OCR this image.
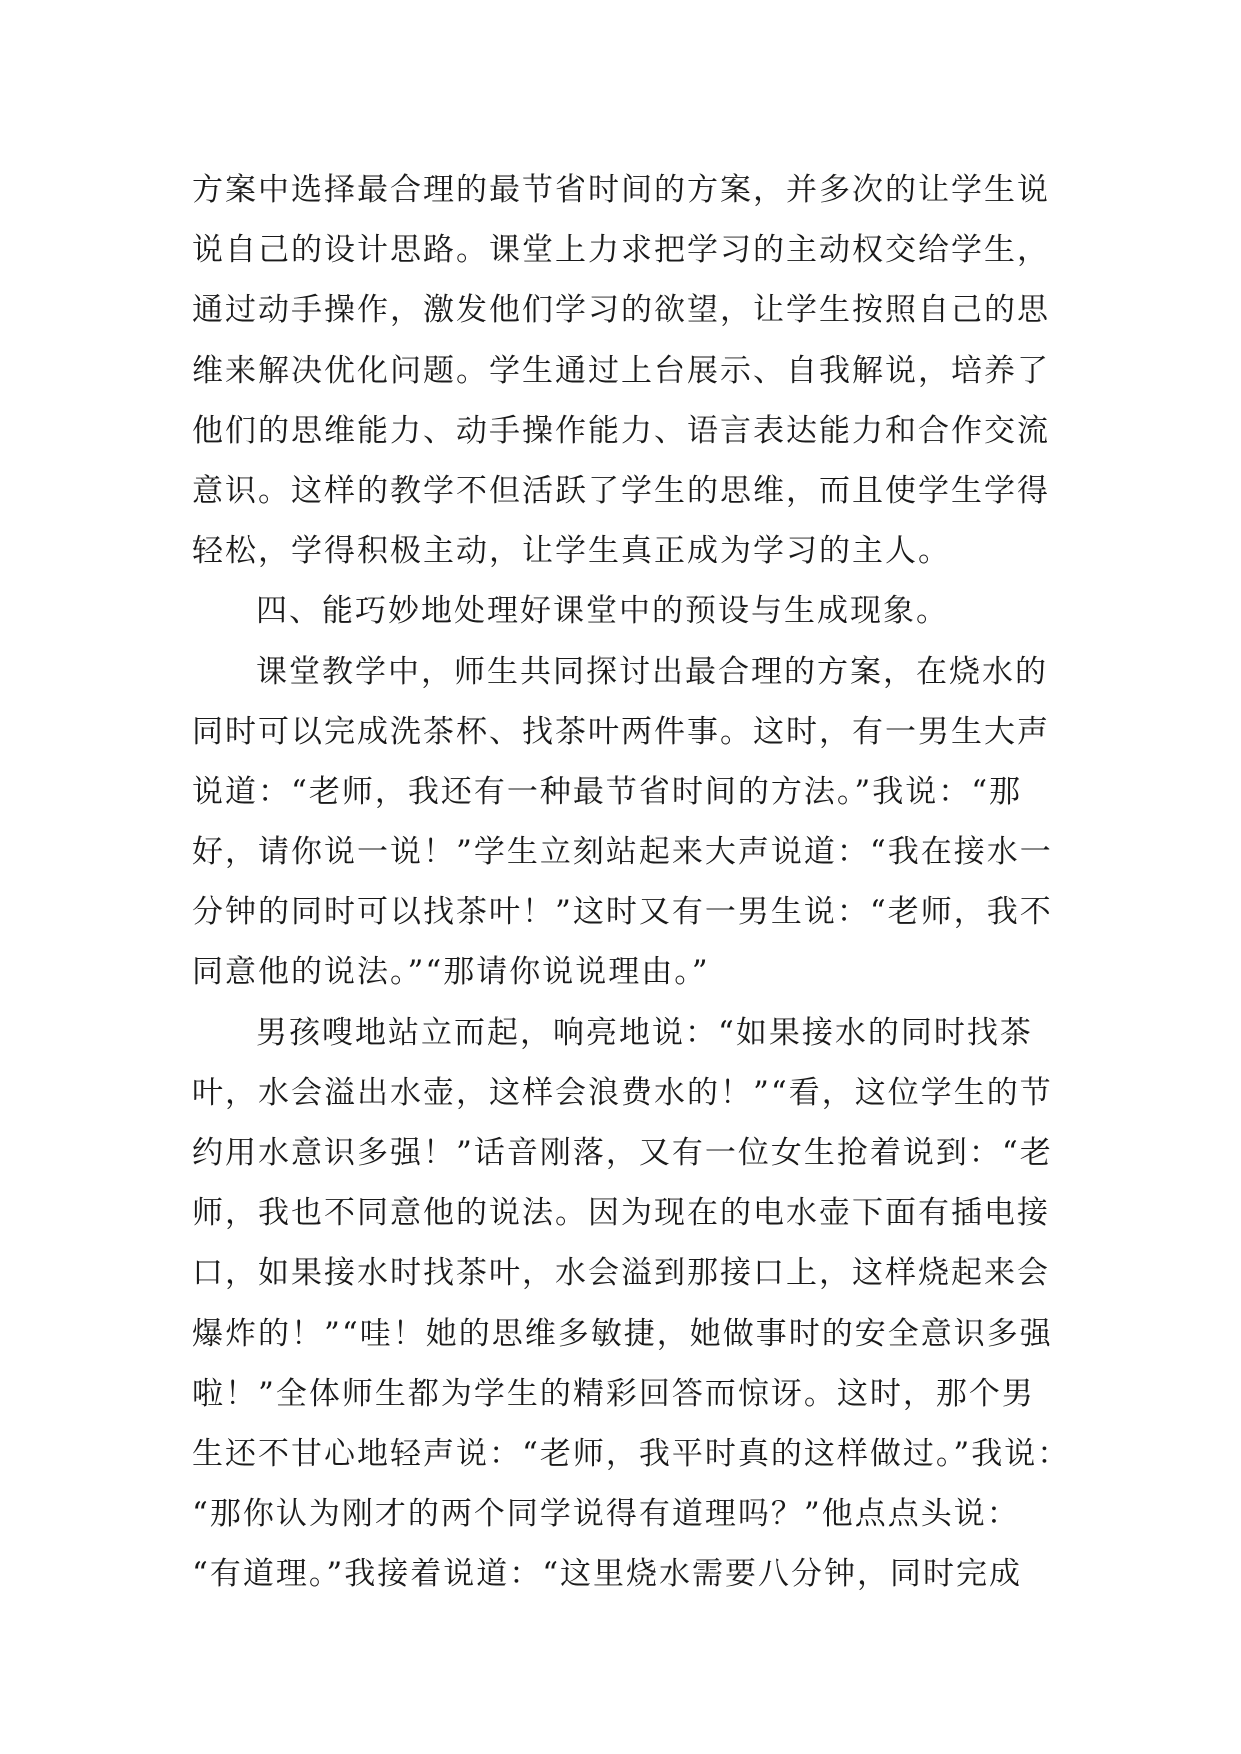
方案中选择最合理的最节省时间的方案，并多次的让学生说
说自己的设计思路。课堂上力求把学习的主动权交给学生，
通过动手操作，激发他们学习的欲望，让学生按照自己的思
维来解决优化问题。学生通过上台展示、自我解说，培养了
他们的思维能力、动手操作能力、语言表达能力和合作交流
意识。这样的教学不但活跃了学生的思维，而且使学生学得
轻松，学得积极主动，让学生真正成为学习的主人。
四、能巧妙地处理好课堂中的预设与生成现象。
课堂教学中，师生共同探讨出最合理的方案，在烧水的
同时可以完成洗茶杯、找茶叶两件事。这时，有一男生大声
说道：“老师，我还有一种最节省时间的方法。”我说：“那
好，请你说一说！”学生立刻站起来大声说道：“我在接水一
分钟的同时可以找茶叶！”这时又有一男生说：“老师，我不
同意他的说法。”“那请你说说理由。”
男孩嗖地站立而起，响亮地说：“如果接水的同时找茶
叶，水会溢出水壶，这样会浪费水的！”“看，这位学生的节
约用水意识多强！”话音刚落，又有一位女生抢着说到：“老
师，我也不同意他的说法。因为现在的电水壶下面有插电接
口，如果接水时找茶叶，水会溢到那接口上，这样烧起来会
爆炸的！”“哇！她的思维多敏捷，她做事时的安全意识多强
啦！”全体师生都为学生的精彩回答而惊讶。这时，那个男
生还不甘心地轻声说：“老师，我平时真的这样做过。”我说：
“那你认为刚才的两个同学说得有道理吗？”他点点头说：
“有道理。”我接着说道：“这里烧水需要八分钟，同时完成
